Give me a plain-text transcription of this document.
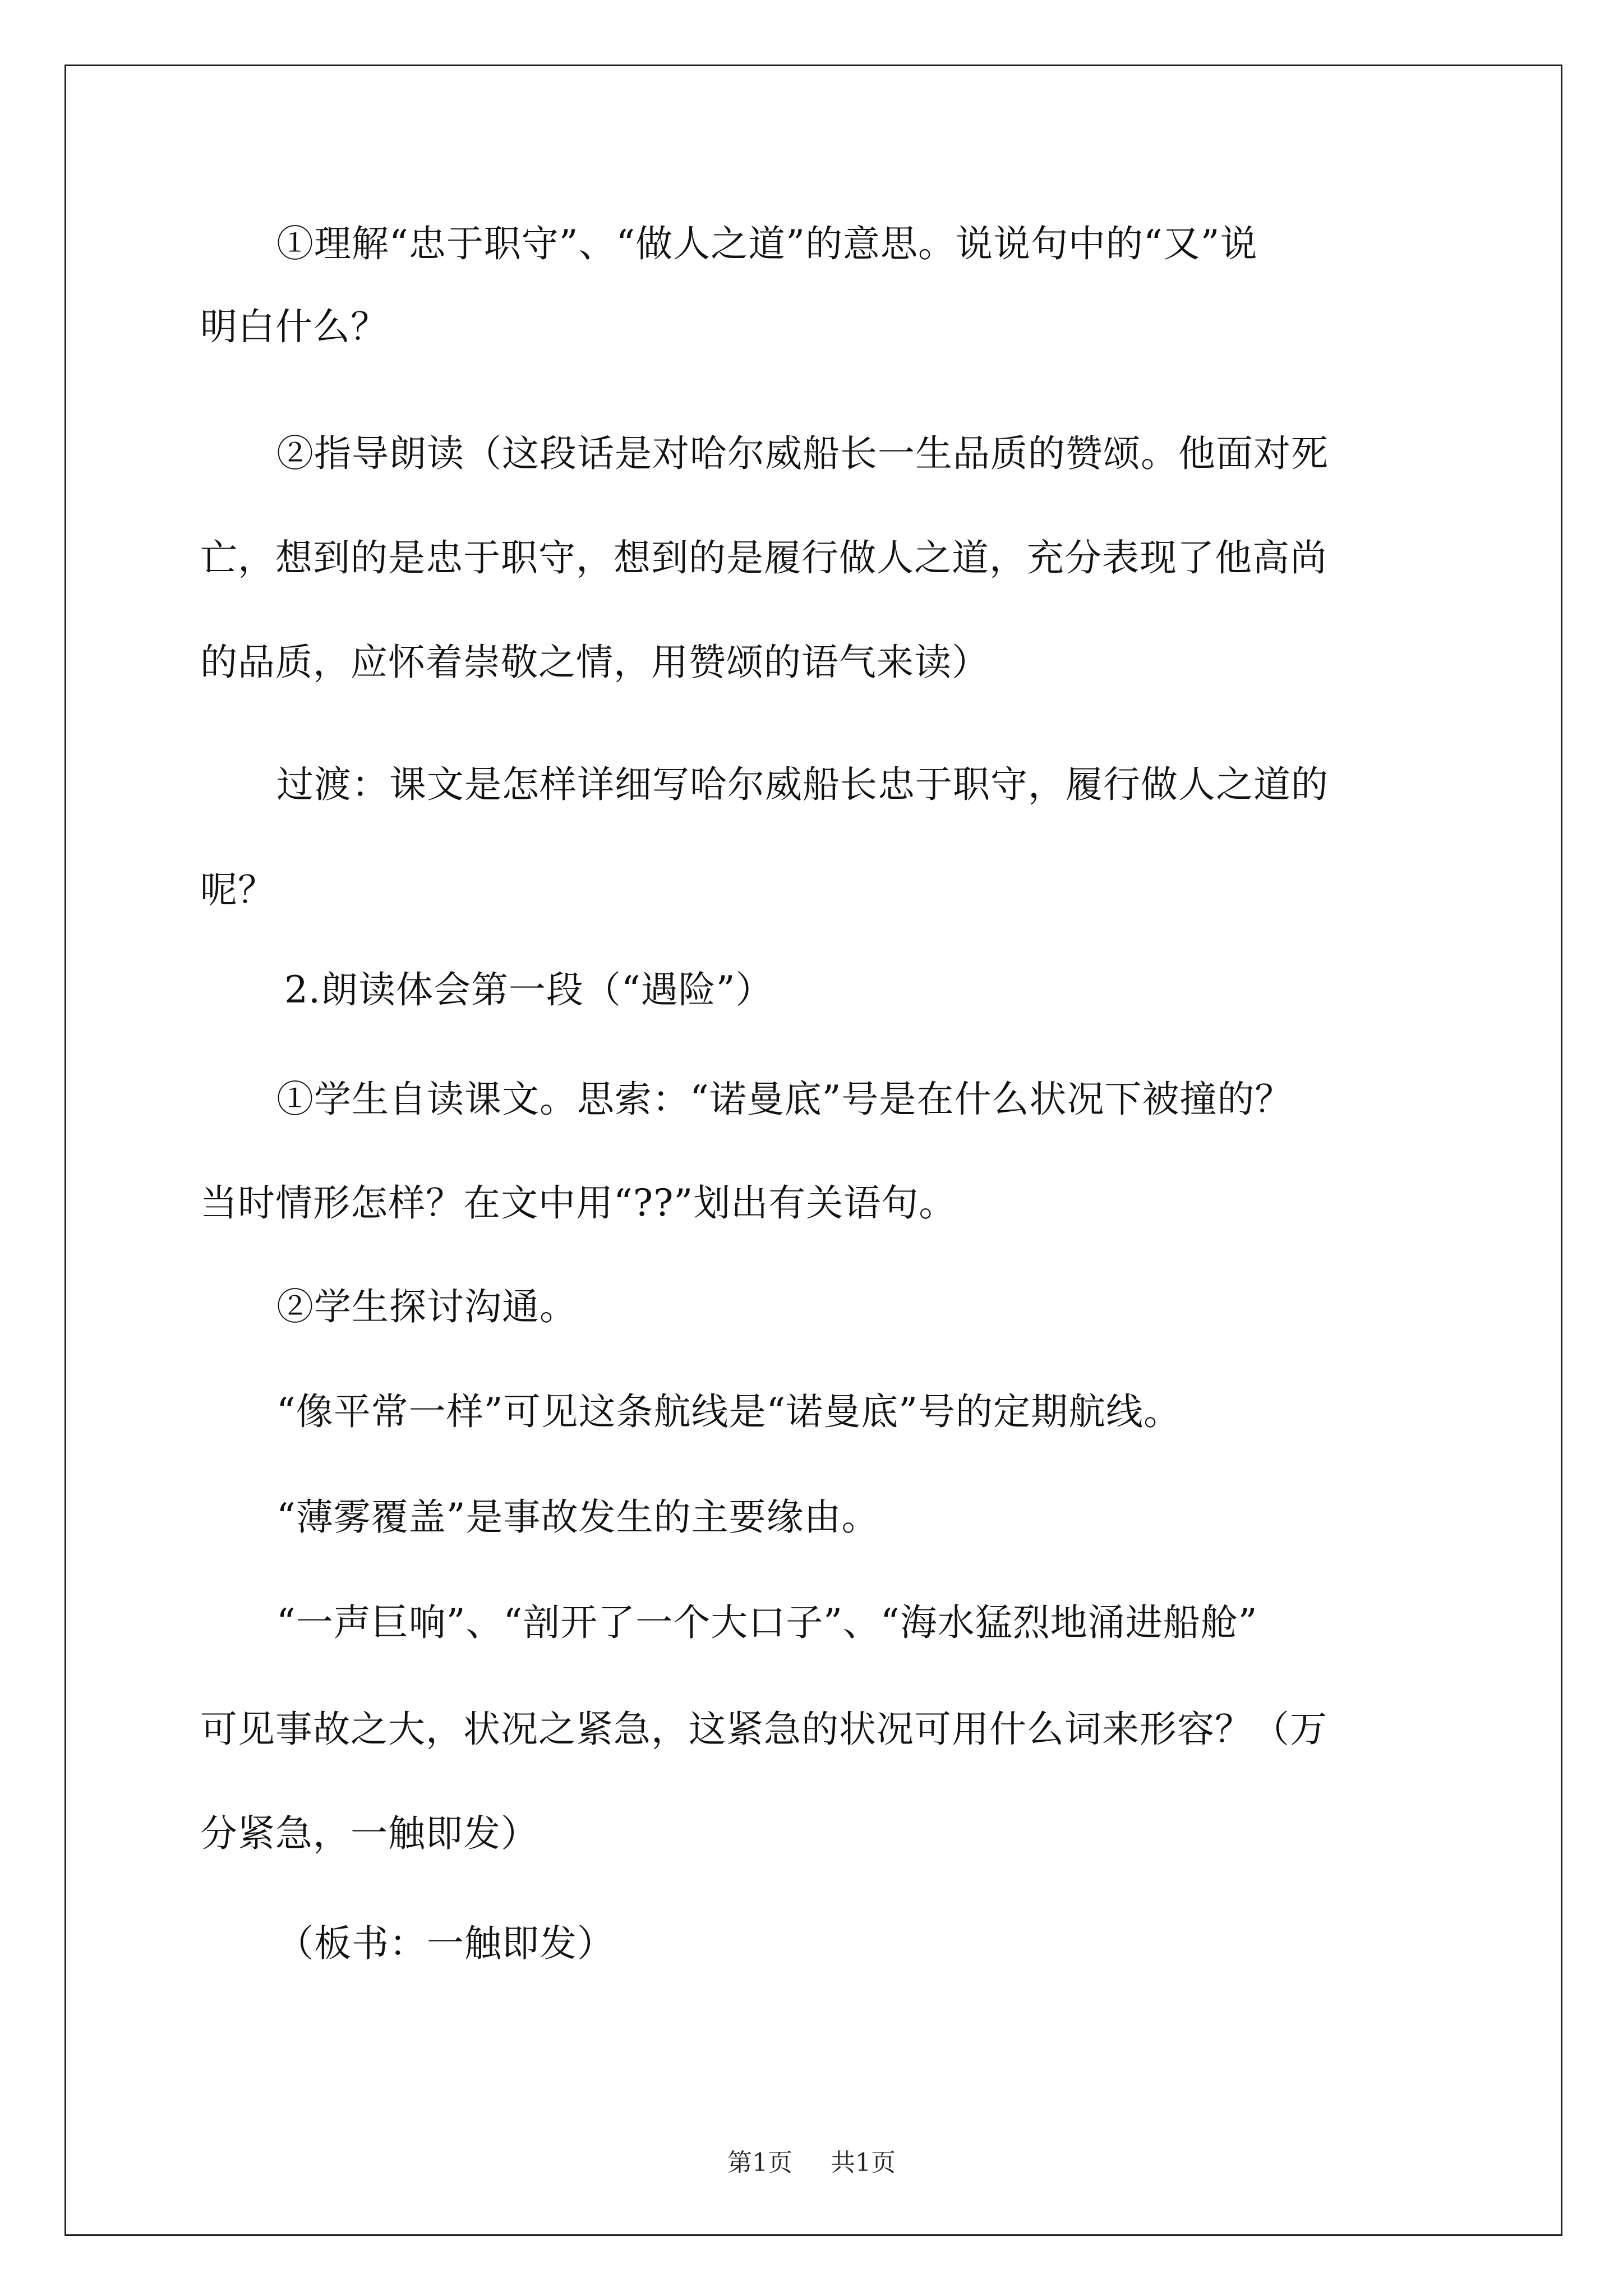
①理解“忠于职守”、“做人之道”的意思。说说句中的“又”说
明白什么？
②指导朗读（这段话是对哈尔威船长一生品质的赞颂。他面对死
亡，想到的是忠于职守，想到的是履行做人之道，充分表现了他高尚
的品质，应怀着崇敬之情，用赞颂的语气来读）
过渡：课文是怎样详细写哈尔威船长忠于职守，履行做人之道的
呢？
2.朗读体会第一段（“遇险”）
①学生自读课文。思索：“诺曼底”号是在什么状况下被撞的？
当时情形怎样？在文中用“??”划出有关语句。
②学生探讨沟通。
“像平常一样”可见这条航线是“诺曼底”号的定期航线。
“薄雾覆盖”是事故发生的主要缘由。
“一声巨响”、“剖开了一个大口子”、“海水猛烈地涌进船舱”
可见事故之大，状况之紧急，这紧急的状况可用什么词来形容？（万
分紧急，一触即发）
（板书：一触即发）
第1页 共1页
